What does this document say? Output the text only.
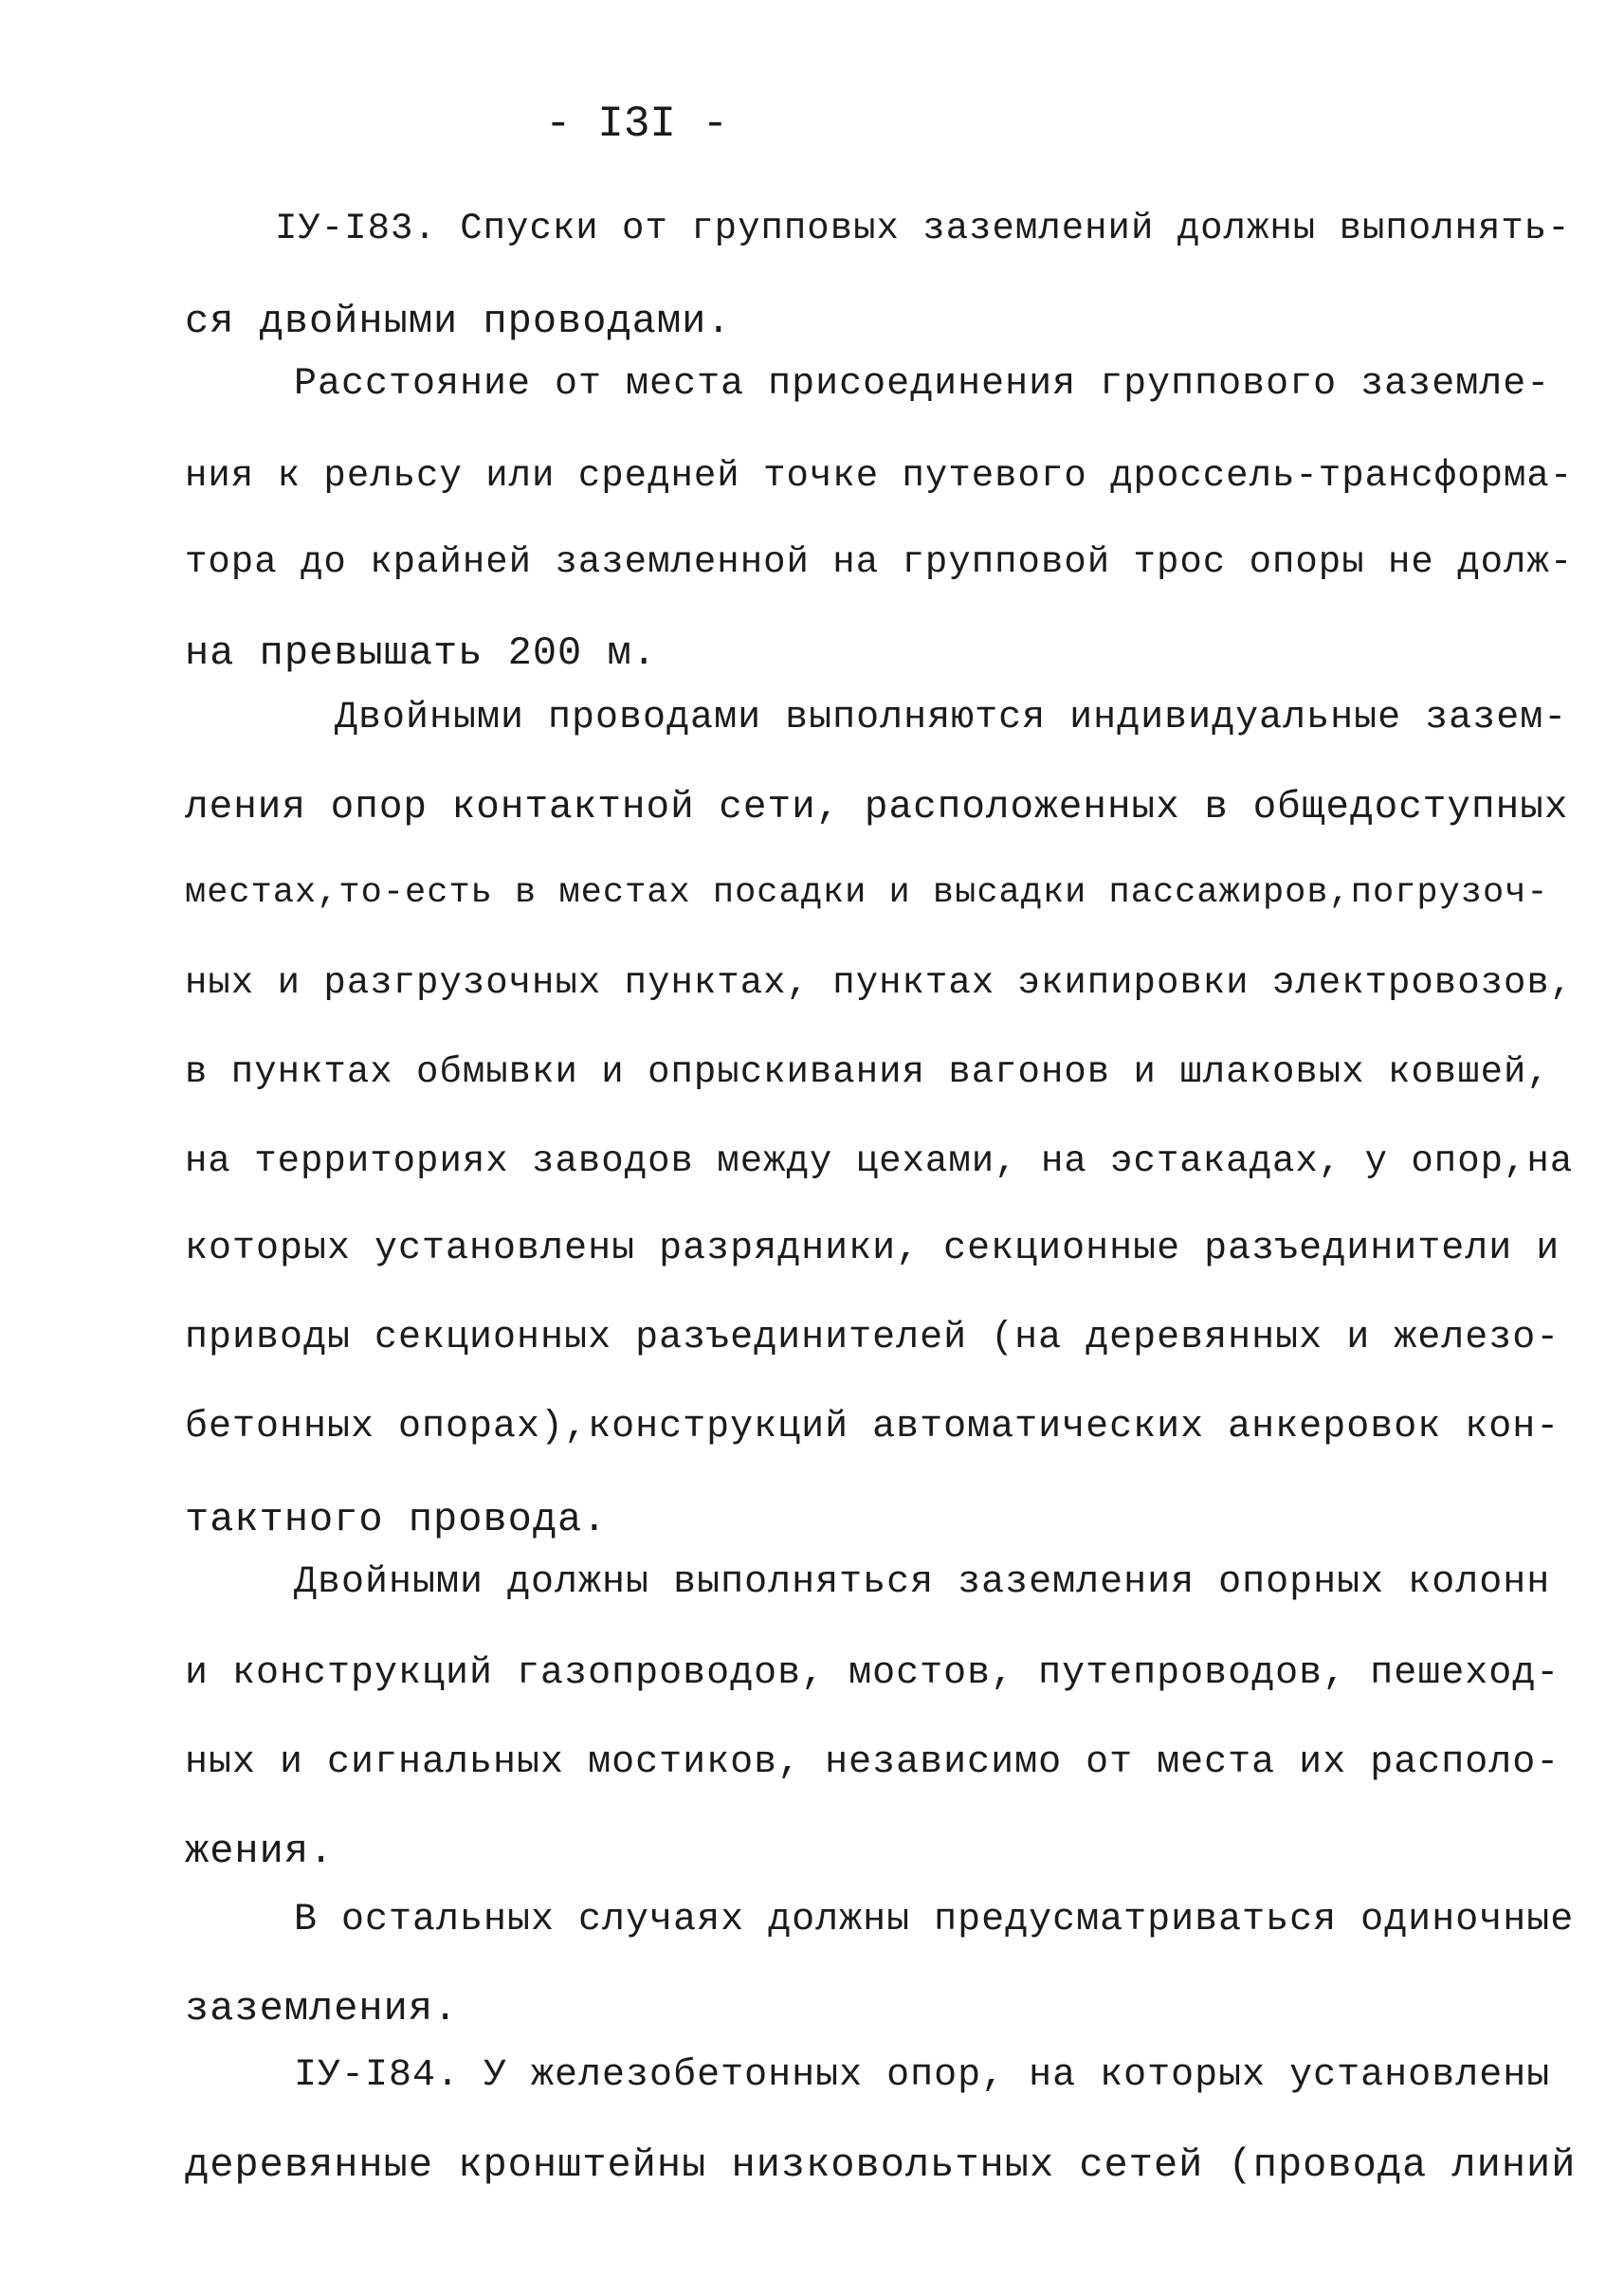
- I3I -
IУ-I83. Спуски от групповых заземлений должны выполнять-
ся двойными проводами.
Расстояние от места присоединения группового заземле-
ния к рельсу или средней точке путевого дроссель-трансформа-
тора до крайней заземленной на групповой трос опоры не долж-
на превышать 200 м.
Двойными проводами выполняются индивидуальные зазем-
ления опор контактной сети, расположенных в общедоступных
местах,то-есть в местах посадки и высадки пассажиров,погрузоч-
ных и разгрузочных пунктах, пунктах экипировки электровозов,
в пунктах обмывки и опрыскивания вагонов и шлаковых ковшей,
на территориях заводов между цехами, на эстакадах, у опор,на
которых установлены разрядники, секционные разъединители и
приводы секционных разъединителей (на деревянных и железо-
бетонных опорах),конструкций автоматических анкеровок кон-
тактного провода.
Двойными должны выполняться заземления опорных колонн
и конструкций газопроводов, мостов, путепроводов, пешеход-
ных и сигнальных мостиков, независимо от места их располо-
жения.
В остальных случаях должны предусматриваться одиночные
заземления.
IУ-I84. У железобетонных опор, на которых установлены
деревянные кронштейны низковольтных сетей (провода линий
